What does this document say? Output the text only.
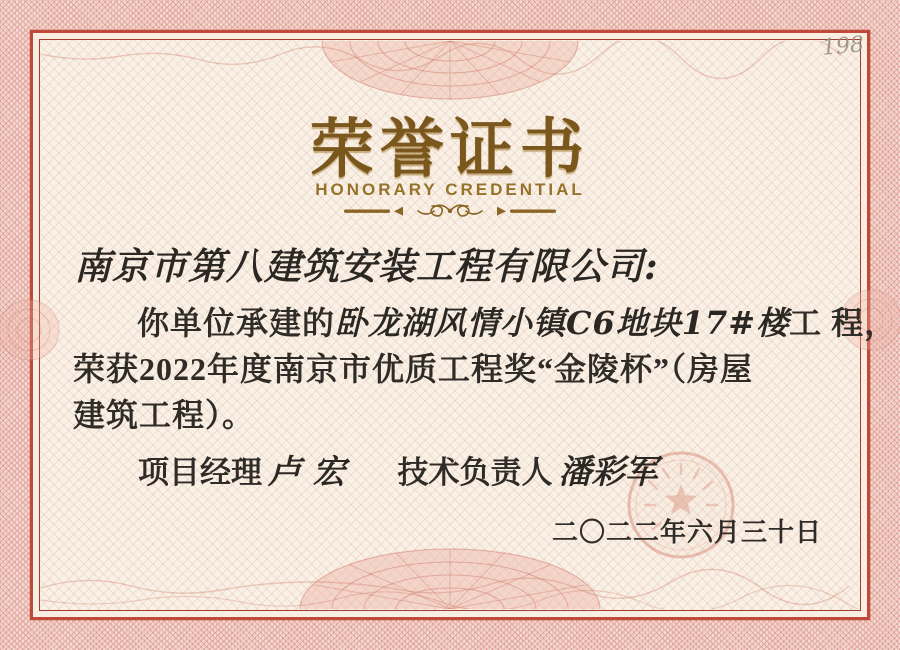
198
荣誉证书
HONORARY CREDENTIAL
南京市第八建筑安装工程有限公司:
你单位承建的卧龙湖风情小镇C6地块17#楼工 程，
荣获2022年度南京市优质工程奖“金陵杯”（房屋
建筑工程）。
项目经理 卢 宏 技术负责人 潘彩军
二〇二二年六月三十日
